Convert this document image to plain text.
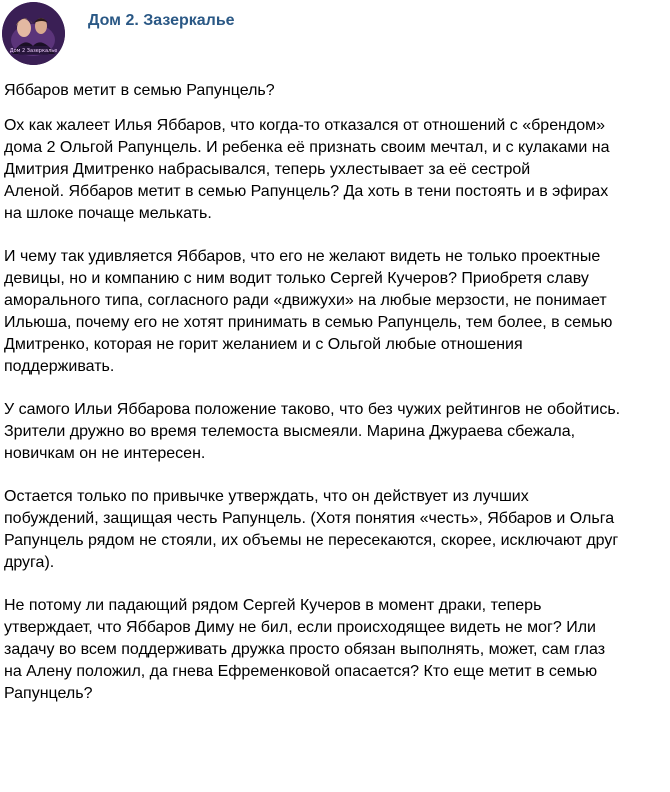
Дом 2 Зазеркалье
Дом 2. Зазеркалье
Яббаров метит в семью Рапунцель?
Ох как жалеет Илья Яббаров, что когда-то отказался от отношений с «брендом»
дома 2 Ольгой Рапунцель. И ребенка её признать своим мечтал, и с кулаками на
Дмитрия Дмитренко набрасывался, теперь ухлестывает за её сестрой
Аленой. Яббаров метит в семью Рапунцель? Да хоть в тени постоять и в эфирах
на шлоке почаще мелькать.
И чему так удивляется Яббаров, что его не желают видеть не только проектные
девицы, но и компанию с ним водит только Сергей Кучеров? Приобретя славу
аморального типа, согласного ради «движухи» на любые мерзости, не понимает
Ильюша, почему его не хотят принимать в семью Рапунцель, тем более, в семью
Дмитренко, которая не горит желанием и с Ольгой любые отношения
поддерживать.
У самого Ильи Яббарова положение таково, что без чужих рейтингов не обойтись.
Зрители дружно во время телемоста высмеяли. Марина Джураева сбежала,
новичкам он не интересен.
Остается только по привычке утверждать, что он действует из лучших
побуждений, защищая честь Рапунцель. (Хотя понятия «честь», Яббаров и Ольга
Рапунцель рядом не стояли, их объемы не пересекаются, скорее, исключают друг
друга).
Не потому ли падающий рядом Сергей Кучеров в момент драки, теперь
утверждает, что Яббаров Диму не бил, если происходящее видеть не мог? Или
задачу во всем поддерживать дружка просто обязан выполнять, может, сам глаз
на Алену положил, да гнева Ефременковой опасается? Кто еще метит в семью
Рапунцель?
